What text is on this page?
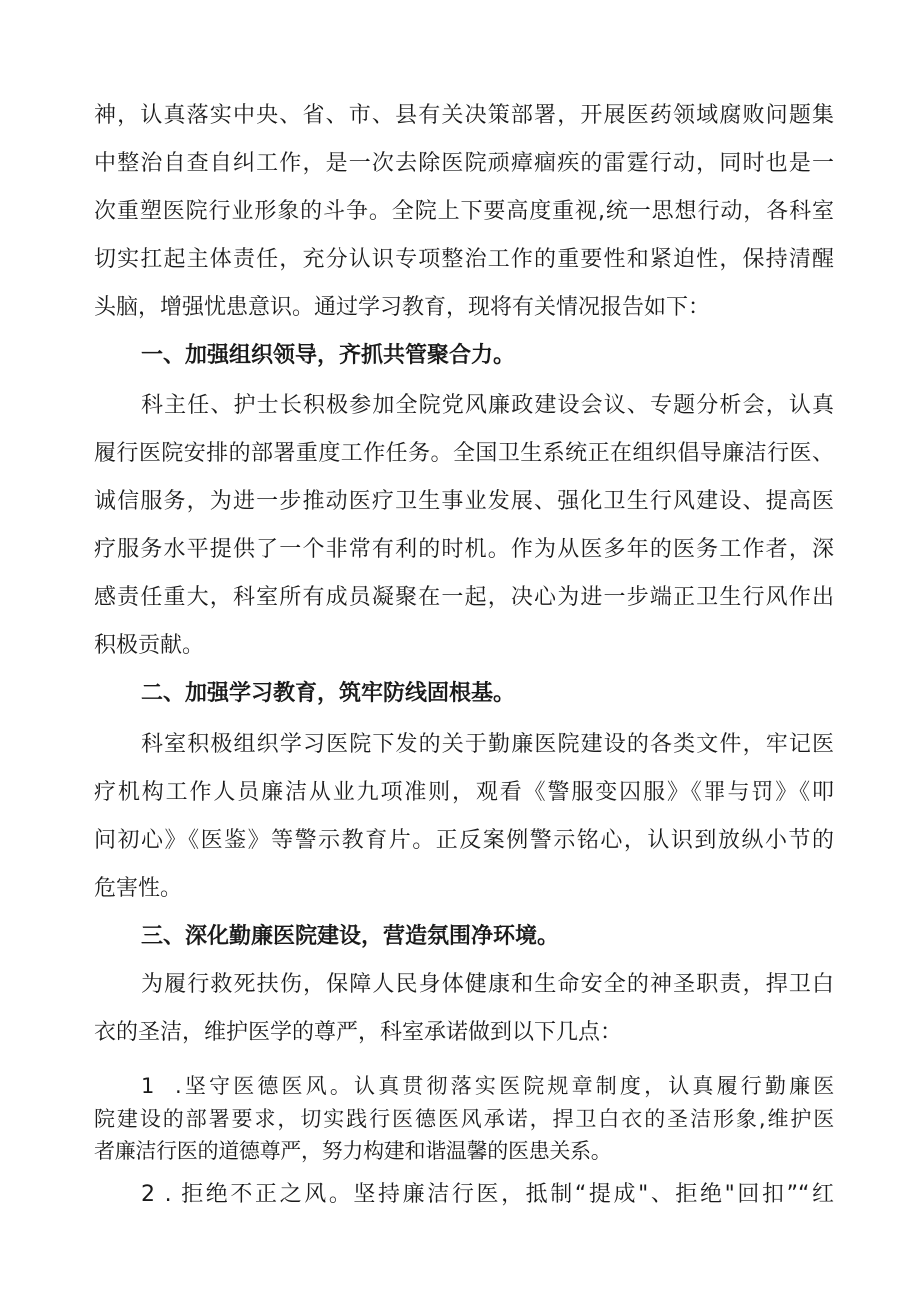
神，认真落实中央、省、市、县有关决策部署，开展医药领域腐败问题集
中整治自查自纠工作，是一次去除医院顽瘴痼疾的雷霆行动，同时也是一
次重塑医院行业形象的斗争。全院上下要高度重视,统一思想行动，各科室
切实扛起主体责任，充分认识专项整治工作的重要性和紧迫性，保持清醒
头脑，增强忧患意识。通过学习教育，现将有关情况报告如下：
一、加强组织领导，齐抓共管聚合力。
科主任、护士长积极参加全院党风廉政建设会议、专题分析会，认真
履行医院安排的部署重度工作任务。全国卫生系统正在组织倡导廉洁行医、
诚信服务，为进一步推动医疗卫生事业发展、强化卫生行风建设、提高医
疗服务水平提供了一个非常有利的时机。作为从医多年的医务工作者，深
感责任重大，科室所有成员凝聚在一起，决心为进一步端正卫生行风作出
积极贡献。
二、加强学习教育，筑牢防线固根基。
科室积极组织学习医院下发的关于勤廉医院建设的各类文件，牢记医
疗机构工作人员廉洁从业九项准则，观看《警服变囚服》《罪与罚》《叩
问初心》《医鉴》等警示教育片。正反案例警示铭心，认识到放纵小节的
危害性。
三、深化勤廉医院建设，营造氛围净环境。
为履行救死扶伤，保障人民身体健康和生命安全的神圣职责，捍卫白
衣的圣洁，维护医学的尊严，科室承诺做到以下几点：
1 .坚守医德医风。认真贯彻落实医院规章制度，认真履行勤廉医
院建设的部署要求，切实践行医德医风承诺，捍卫白衣的圣洁形象,维护医
者廉洁行医的道德尊严，努力构建和谐温馨的医患关系。
2 . 拒绝不正之风。坚持廉洁行医，抵制“提成"、拒绝"回扣”“红
